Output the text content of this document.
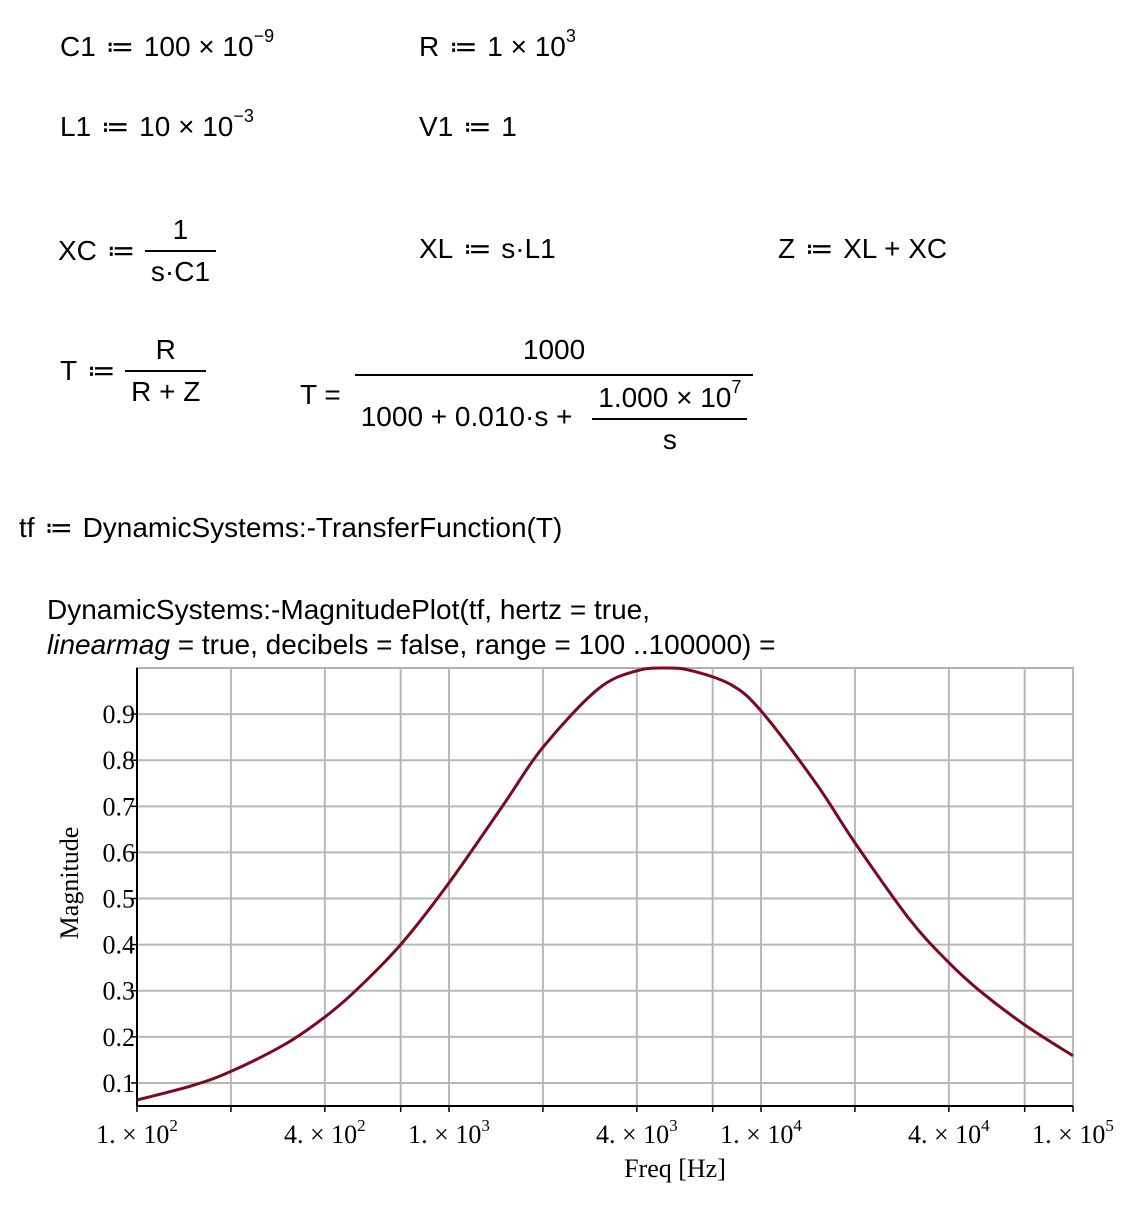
C1 ≔ $100 \times 10^{-9}$	R ≔ $1 \times 10^3$
L1 ≔ $10 \times 10^{-3}$	V1 ≔ 1
XC ≔ $\frac{1}{s\cdot C1}$	XL ≔ s·L1	Z ≔ XL + XC
T ≔ $\frac{R}{R + Z}$	$T = \frac{1000}{1000 + 0.010\cdot s + \frac{1.000 \times 10^7}{s}}$
tf ≔ DynamicSystems:-TransferFunction(T)
DynamicSystems:-MagnitudePlot(tf, hertz = true,
linearmag = true, decibels = false, range = 100 ..100000) =
0.1
0.2
0.3
0.4
0.5
0.6
0.7
0.8
0.9
1. × $10^2$	4. × $10^2$ 1. × $10^3$	4. × $10^3$ 1. × $10^4$	4. × $10^4$ 1. × $10^5$
Freq [Hz]
Magnitude
